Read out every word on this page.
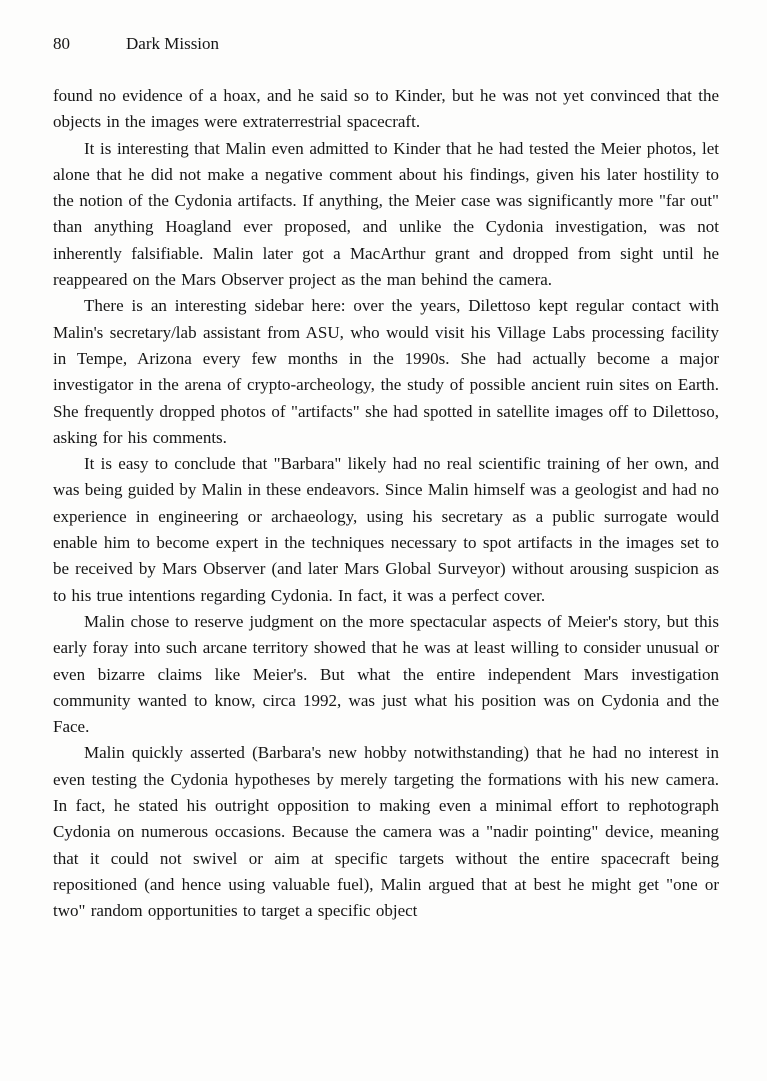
80	Dark Mission

found no evidence of a hoax, and he said so to Kinder, but he was not yet convinced that the objects in the images were extraterrestrial spacecraft.

It is interesting that Malin even admitted to Kinder that he had tested the Meier photos, let alone that he did not make a negative comment about his findings, given his later hostility to the notion of the Cydonia artifacts. If anything, the Meier case was significantly more "far out" than anything Hoagland ever proposed, and unlike the Cydonia investigation, was not inherently falsifiable. Malin later got a MacArthur grant and dropped from sight until he reappeared on the Mars Observer project as the man behind the camera.

There is an interesting sidebar here: over the years, Dilettoso kept regular contact with Malin's secretary/lab assistant from ASU, who would visit his Village Labs processing facility in Tempe, Arizona every few months in the 1990s. She had actually become a major investigator in the arena of crypto-archeology, the study of possible ancient ruin sites on Earth. She frequently dropped photos of "artifacts" she had spotted in satellite images off to Dilettoso, asking for his comments.

It is easy to conclude that "Barbara" likely had no real scientific training of her own, and was being guided by Malin in these endeavors. Since Malin himself was a geologist and had no experience in engineering or archaeology, using his secretary as a public surrogate would enable him to become expert in the techniques necessary to spot artifacts in the images set to be received by Mars Observer (and later Mars Global Surveyor) without arousing suspicion as to his true intentions regarding Cydonia. In fact, it was a perfect cover.

Malin chose to reserve judgment on the more spectacular aspects of Meier's story, but this early foray into such arcane territory showed that he was at least willing to consider unusual or even bizarre claims like Meier's. But what the entire independent Mars investigation community wanted to know, circa 1992, was just what his position was on Cydonia and the Face.

Malin quickly asserted (Barbara's new hobby notwithstanding) that he had no interest in even testing the Cydonia hypotheses by merely targeting the formations with his new camera. In fact, he stated his outright opposition to making even a minimal effort to rephotograph Cydonia on numerous occasions. Because the camera was a "nadir pointing" device, meaning that it could not swivel or aim at specific targets without the entire spacecraft being repositioned (and hence using valuable fuel), Malin argued that at best he might get "one or two" random opportunities to target a specific object
